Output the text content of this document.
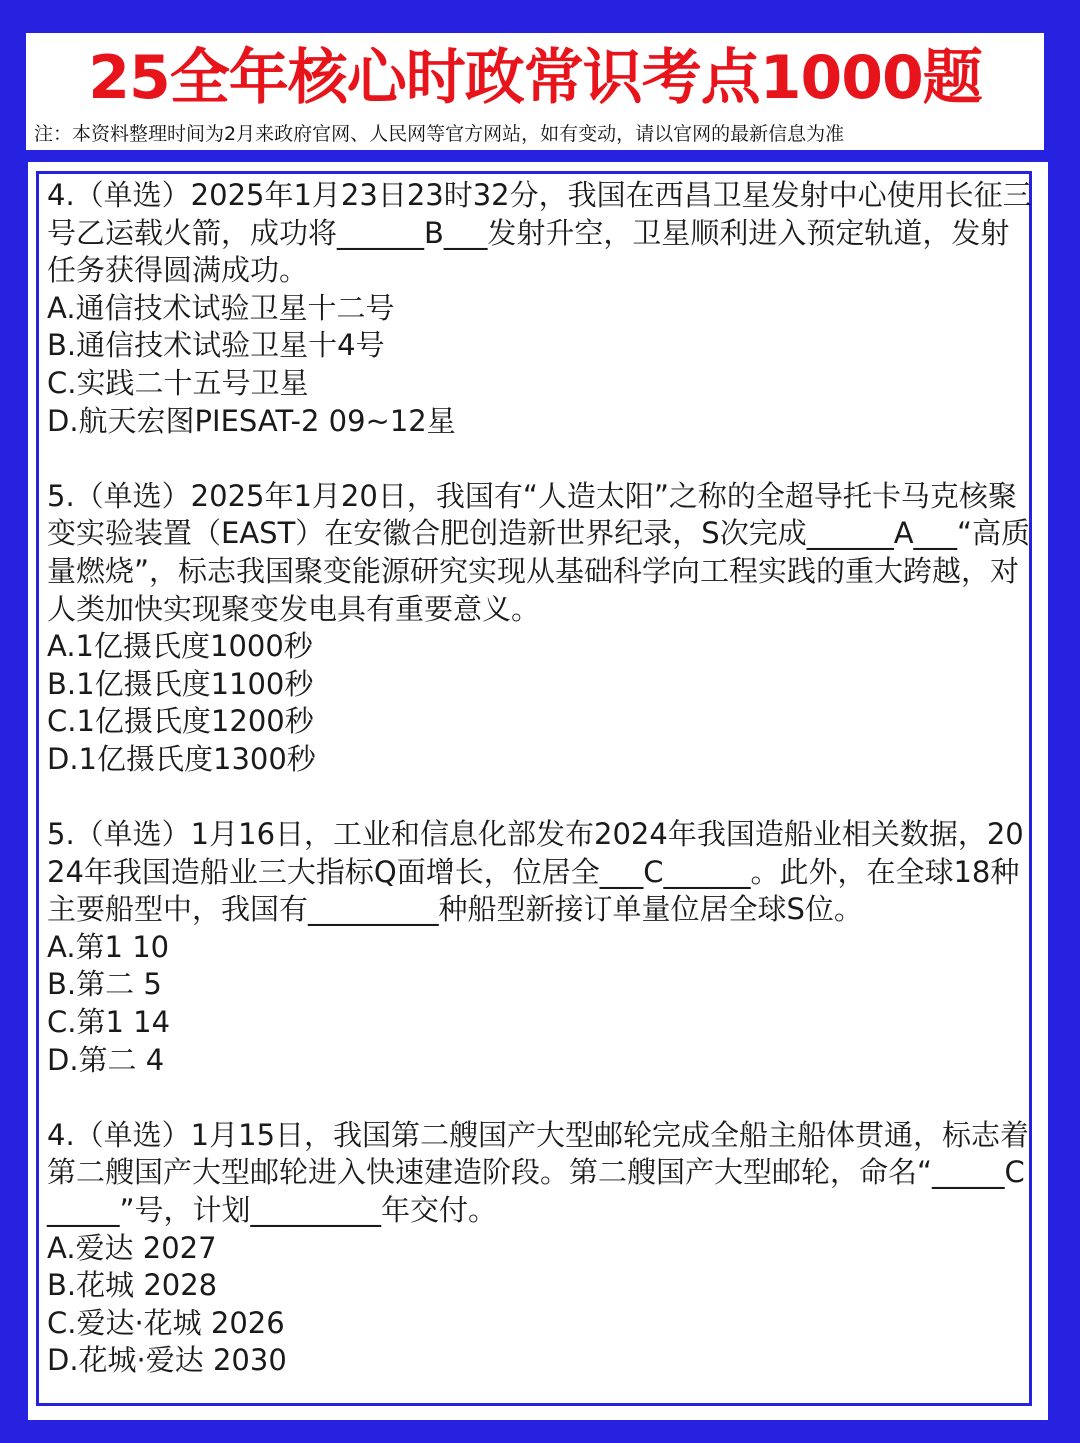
25全年核心时政常识考点1000题
注：本资料整理时间为2月来政府官网、人民网等官方网站，如有变动，请以官网的最新信息为准

4.（单选）2025年1月23日23时32分，我国在西昌卫星发射中心使用长征三号乙运载火箭，成功将______B___发射升空，卫星顺利进入预定轨道，发射任务获得圆满成功。

A.通信技术试验卫星十二号

B.通信技术试验卫星十4号

C.实践二十五号卫星

D.航天宏图PIESAT-2 09~12星

5.（单选）2025年1月20日，我国有“人造太阳”之称的全超导托卡马克核聚变实验装置（EAST）在安徽合肥创造新世界纪录，S次完成______A___“高质量燃烧”，标志我国聚变能源研究实现从基础科学向工程实践的重大跨越，对人类加快实现聚变发电具有重要意义。

A.1亿摄氏度1000秒

B.1亿摄氏度1100秒

C.1亿摄氏度1200秒

D.1亿摄氏度1300秒

5.（单选）1月16日，工业和信息化部发布2024年我国造船业相关数据，2024年我国造船业三大指标Q面增长，位居全___C______。此外，在全球18种主要船型中，我国有_________种船型新接订单量位居全球S位。

A.第1 10

B.第二 5

C.第1 14

D.第二 4

4.（单选）1月15日，我国第二艘国产大型邮轮完成全船主船体贯通，标志着第二艘国产大型邮轮进入快速建造阶段。第二艘国产大型邮轮，命名“_____C_____”号，计划_________年交付。

A.爱达 2027

B.花城 2028

C.爱达·花城 2026

D.花城·爱达 2030
